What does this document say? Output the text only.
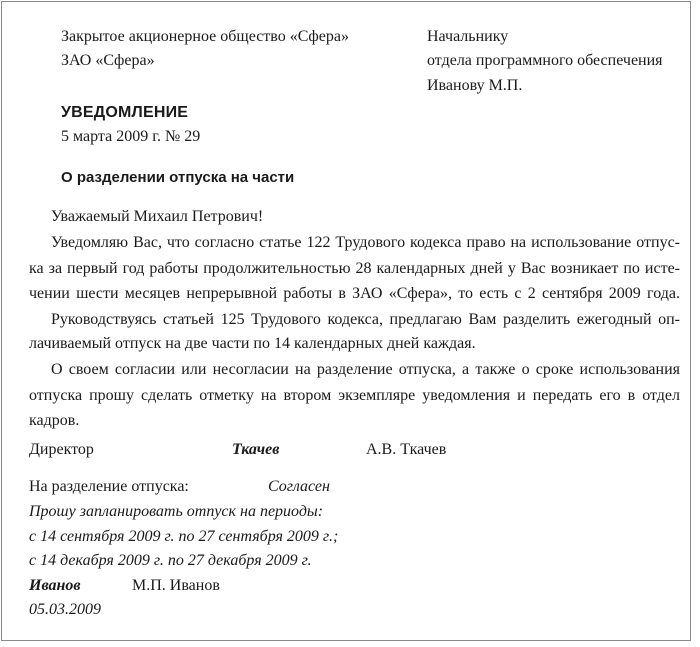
Закрытое акционерное общество «Сфера»
ЗАО «Сфера»
Начальнику
отдела программного обеспечения
Иванову М.П.
УВЕДОМЛЕНИЕ
5 марта 2009 г. № 29
О разделении отпуска на части
Уважаемый Михаил Петрович!
Уведомляю Вас, что согласно статье 122 Трудового кодекса право на использование отпус-
ка за первый год работы продолжительностью 28 календарных дней у Вас возникает по исте-
чении шести месяцев непрерывной работы в ЗАО «Сфера», то есть с 2 сентября 2009 года.
Руководствуясь статьей 125 Трудового кодекса, предлагаю Вам разделить ежегодный оп-
лачиваемый отпуск на две части по 14 календарных дней каждая.
О своем согласии или несогласии на разделение отпуска, а также о сроке использования
отпуска прошу сделать отметку на втором экземпляре уведомления и передать его в отдел
кадров.
Директор	Ткачев	А.В. Ткачев
На разделение отпуска:	Согласен
Прошу запланировать отпуск на периоды:
с 14 сентября 2009 г. по 27 сентября 2009 г.;
с 14 декабря 2009 г. по 27 декабря 2009 г.
Иванов	М.П. Иванов
05.03.2009
